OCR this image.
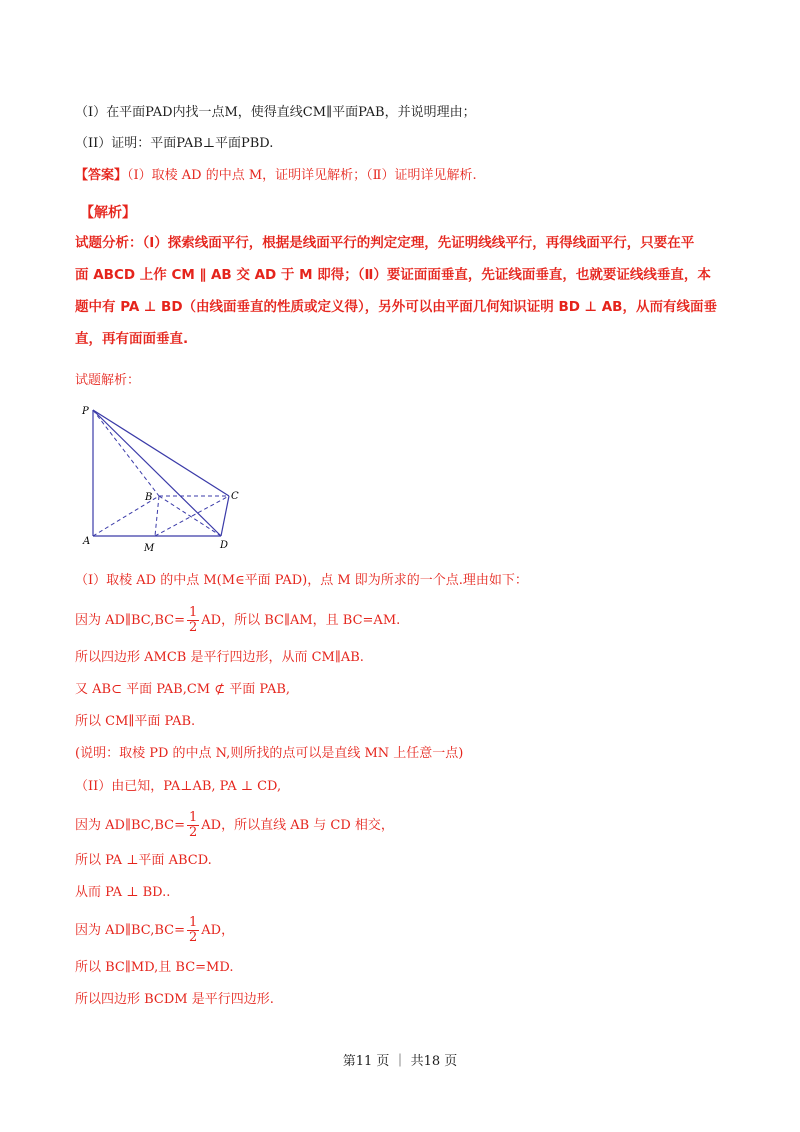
（I）在平面PAD内找一点M，使得直线CM∥平面PAB，并说明理由；
（II）证明：平面PAB⊥平面PBD.
【答案】（Ⅰ）取棱 AD 的中点 M，证明详见解析；（Ⅱ）证明详见解析.
【解析】
试题分析：（Ⅰ）探索线面平行，根据是线面平行的判定定理，先证明线线平行，再得线面平行，只要在平
面 ABCD 上作 CM ∥ AB 交 AD 于 M 即得；（Ⅱ）要证面面垂直，先证线面垂直，也就要证线线垂直，本
题中有 PA ⊥ BD（由线面垂直的性质或定义得），另外可以由平面几何知识证明 BD ⊥ AB，从而有线面垂
直，再有面面垂直.
试题解析：
P
B	C
A
M	D
（I）取棱 AD 的中点 M(M∈平面 PAD)，点 M 即为所求的一个点.理由如下：
因为 AD∥BC,BC= $\frac{1}{2}$ AD，所以 BC∥AM，且 BC=AM.
所以四边形 AMCB 是平行四边形，从而 CM∥AB.
又 AB⊂ 平面 PAB,CM ⊄ 平面 PAB,
所以 CM∥平面 PAB.
(说明：取棱 PD 的中点 N,则所找的点可以是直线 MN 上任意一点)
（II）由已知，PA⊥AB, PA ⊥ CD,
因为 AD∥BC,BC= $\frac{1}{2}$ AD，所以直线 AB 与 CD 相交，
所以 PA ⊥平面 ABCD.
从而 PA ⊥ BD..
因为 AD∥BC,BC= $\frac{1}{2}$ AD，
所以 BC∥MD,且 BC=MD.
所以四边形 BCDM 是平行四边形.
第11 页 ｜ 共18 页
